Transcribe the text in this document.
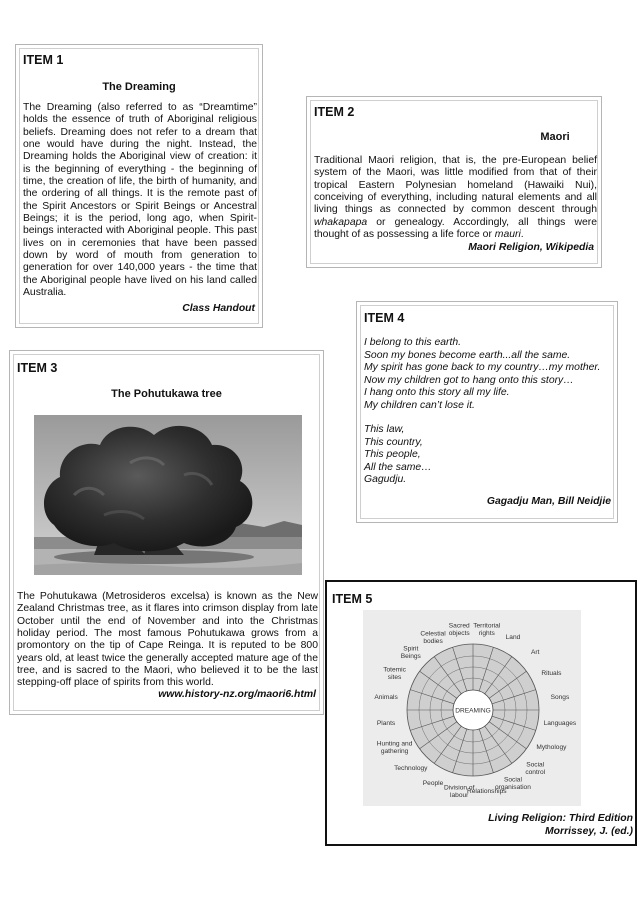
ITEM 1
The Dreaming
The Dreaming (also referred to as “Dreamtime” holds the essence of truth of Aboriginal religious beliefs. Dreaming does not refer to a dream that one would have during the night. Instead, the Dreaming holds the Aboriginal view of creation: it is the beginning of everything - the beginning of time, the creation of life, the birth of humanity, and the ordering of all things. It is the remote past of the Spirit Ancestors or Spirit Beings or Ancestral Beings; it is the period, long ago, when Spirit-beings interacted with Aboriginal people. This past lives on in ceremonies that have been passed down by word of mouth from generation to generation for over 140,000 years - the time that the Aboriginal people have lived on his land called Australia.
Class Handout
ITEM 2
Maori
Traditional Maori religion, that is, the pre-European belief system of the Maori, was little modified from that of their tropical Eastern Polynesian homeland (Hawaiki Nui), conceiving of everything, including natural elements and all living things as connected by common descent through whakapapa or genealogy. Accordingly, all things were thought of as possessing a life force or mauri.
Maori Religion, Wikipedia
ITEM 4
I belong to this earth.
Soon my bones become earth...all the same.
My spirit has gone back to my country…my mother.
Now my children got to hang onto this story…
I hang onto this story all my life.
My children can’t lose it.
This law,
This country,
This people,
All the same…
Gagudju.
Gagadju Man, Bill Neidjie
ITEM 3
The Pohutukawa tree
The Pohutukawa (Metrosideros excelsa) is known as the New Zealand Christmas tree, as it flares into crimson display from late October until the end of November and into the Christmas holiday period. The most famous Pohutukawa grows from a promontory on the tip of Cape Reinga. It is reputed to be 800 years old, at least twice the generally accepted mature age of the tree, and is sacred to the Maori, who believed it to be the last stepping-off place of spirits from this world.
www.history-nz.org/maori6.html
ITEM 5
DREAMING
Territorial rights
Land
Art
Rituals
Songs
Languages
Mythology
Social control
Social organisation
Relationships
Division of labour
People
Technology
Hunting and gathering
Plants
Animals
Totemic sites
Spirit Beings
Celestial bodies
Sacred objects
Living Religion: Third Edition
Morrissey, J. (ed.)
